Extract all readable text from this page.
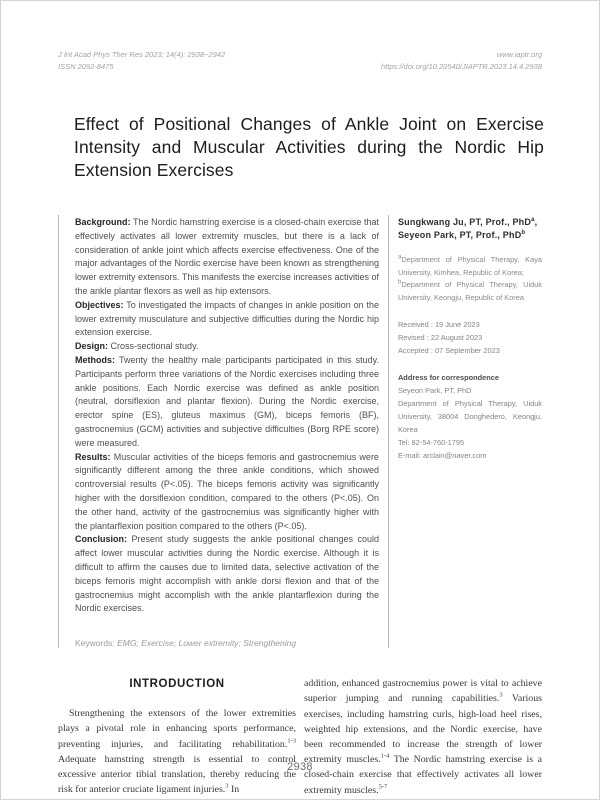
J Int Acad Phys Ther Res 2023; 14(4): 2938~2942
ISSN 2092-8475
www.iaptr.org
https://doi.org/10.20540/JIAPTR.2023.14.4.2938
Effect of Positional Changes of Ankle Joint on Exercise Intensity and Muscular Activities during the Nordic Hip Extension Exercises

Background: The Nordic hamstring exercise is a closed-chain exercise that effectively activates all lower extremity muscles, but there is a lack of consideration of ankle joint which affects exercise effectiveness. One of the major advantages of the Nordic exercise have been known as strengthening lower extremity extensors. This manifests the exercise increases activities of the ankle plantar flexors as well as hip extensors.

Objectives: To investigated the impacts of changes in ankle position on the lower extremity musculature and subjective difficulties during the Nordic hip extension exercise.

Design: Cross-sectional study.

Methods: Twenty the healthy male participants participated in this study. Participants perform three variations of the Nordic exercises including three ankle positions. Each Nordic exercise was defined as ankle position (neutral, dorsiflexion and plantar flexion). During the Nordic exercise, erector spine (ES), gluteus maximus (GM), biceps femoris (BF), gastrocnemius (GCM) activities and subjective difficulties (Borg RPE score) were measured.

Results: Muscular activities of the biceps femoris and gastrocnemius were significantly different among the three ankle conditions, which showed controversial results (P<.05). The biceps femoris activity was significantly higher with the dorsiflexion condition, compared to the others (P<.05). On the other hand, activity of the gastrocnemius was significantly higher with the plantarflexion position compared to the others (P<.05).

Conclusion: Present study suggests the ankle positional changes could affect lower muscular activities during the Nordic exercise. Although it is difficult to affirm the causes due to limited data, selective activation of the biceps femoris might accomplish with ankle dorsi flexion and that of the gastrocnemius might accomplish with the ankle plantarflexion during the Nordic exercises.

Keywords: EMG; Exercise; Lower extremity; Strengthening

Sungkwang Ju, PT, Prof., PhD$^a$,
Seyeon Park, PT, Prof., PhD$^b$

$^a$Department of Physical Therapy, Kaya University, Kimhea, Republic of Korea;

$^b$Department of Physical Therapy, Uiduk University, Keongju, Republic of Korea

Received : 19 June 2023

Revised : 22 August 2023

Accepted : 07 September 2023

Address for correspondence

Seyeon Park, PT, PhD

Department of Physical Therapy, Uiduk University, 38004 Donghedero, Keongju, Korea

Tel: 82-54-760-1795

E-mail: arclain@naver.com

INTRODUCTION

Strengthening the extensors of the lower extremities plays a pivotal role in enhancing sports performance, preventing injuries, and facilitating rehabilitation.$^{1-3}$ Adequate hamstring strength is essential to control excessive anterior tibial translation, thereby reducing the risk for anterior cruciate ligament injuries.$^3$ In

addition, enhanced gastrocnemius power is vital to achieve superior jumping and running capabilities.$^3$ Various exercises, including hamstring curls, high-load heel rises, weighted hip extensions, and the Nordic exercise, have been recommended to increase the strength of lower extremity muscles.$^{1-4}$ The Nordic hamstring exercise is a closed-chain exercise that effectively activates all lower extremity muscles.$^{5-7}$

2938
